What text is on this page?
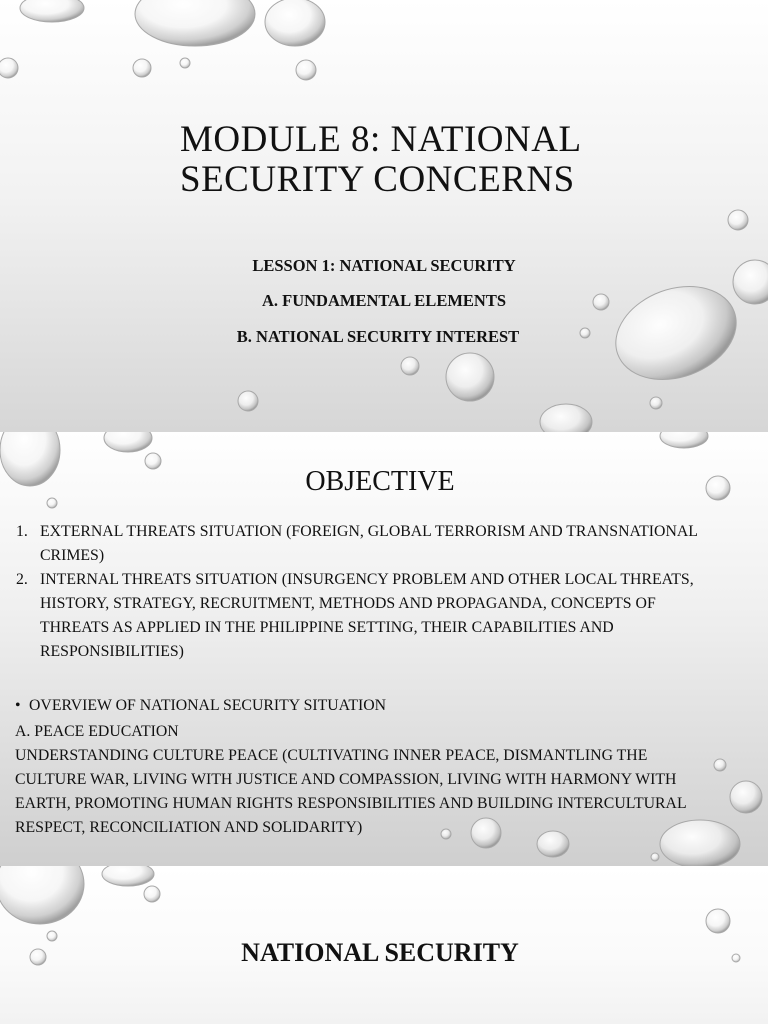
MODULE 8: NATIONAL
SECURITY CONCERNS

LESSON 1: NATIONAL SECURITY

A. FUNDAMENTAL ELEMENTS

B. NATIONAL SECURITY INTEREST

OBJECTIVE
1. EXTERNAL THREATS SITUATION (FOREIGN, GLOBAL TERRORISM AND TRANSNATIONAL
CRIMES)
2. INTERNAL THREATS SITUATION (INSURGENCY PROBLEM AND OTHER LOCAL THREATS,
HISTORY, STRATEGY, RECRUITMENT, METHODS AND PROPAGANDA, CONCEPTS OF
THREATS AS APPLIED IN THE PHILIPPINE SETTING, THEIR CAPABILITIES AND
RESPONSIBILITIES)

• OVERVIEW OF NATIONAL SECURITY SITUATION

A. PEACE EDUCATION

UNDERSTANDING CULTURE PEACE (CULTIVATING INNER PEACE, DISMANTLING THE
CULTURE WAR, LIVING WITH JUSTICE AND COMPASSION, LIVING WITH HARMONY WITH
EARTH, PROMOTING HUMAN RIGHTS RESPONSIBILITIES AND BUILDING INTERCULTURAL
RESPECT, RECONCILIATION AND SOLIDARITY)

NATIONAL SECURITY
